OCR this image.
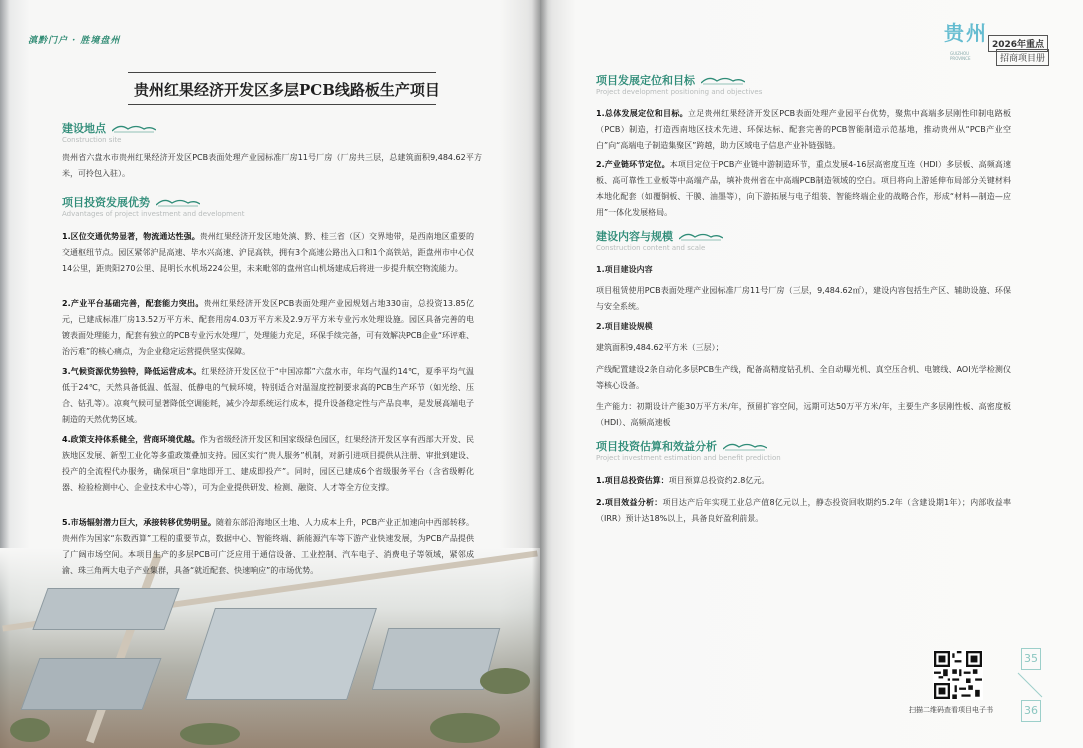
滇黔门户 · 胜境盘州
贵州红果经济开发区多层PCB线路板生产项目
建设地点
Construction site
贵州省六盘水市贵州红果经济开发区PCB表面处理产业园标准厂房11号厂房（厂房共三层，总建筑面积9,484.62平方米，可拎包入驻）。
项目投资发展优势
Advantages of project investment and development
1.区位交通优势显著，物流通达性强。贵州红果经济开发区地处滇、黔、桂三省（区）交界地带，是西南地区重要的交通枢纽节点。园区紧邻沪昆高速、毕水兴高速、沪昆高铁，拥有3个高速公路出入口和1个高铁站，距盘州市中心仅14公里，距贵阳270公里、昆明长水机场224公里，未来毗邻的盘州官山机场建成后将进一步提升航空物流能力。
2.产业平台基础完善，配套能力突出。贵州红果经济开发区PCB表面处理产业园规划占地330亩，总投资13.85亿元，已建成标准厂房13.52万平方米、配套用房4.03万平方米及2.9万平方米专业污水处理设施。园区具备完善的电镀表面处理能力，配套有独立的PCB专业污水处理厂，处理能力充足，环保手续完备，可有效解决PCB企业“环评难、治污难”的核心痛点，为企业稳定运营提供坚实保障。
3.气候资源优势独特，降低运营成本。红果经济开发区位于“中国凉都”六盘水市，年均气温约14℃，夏季平均气温低于24℃，天然具备低温、低湿、低静电的气候环境，特别适合对温湿度控制要求高的PCB生产环节（如光绘、压合、钻孔等）。凉爽气候可显著降低空调能耗，减少冷却系统运行成本，提升设备稳定性与产品良率，是发展高端电子制造的天然优势区域。
4.政策支持体系健全，营商环境优越。作为省级经济开发区和国家级绿色园区，红果经济开发区享有西部大开发、民族地区发展、新型工业化等多重政策叠加支持。园区实行“贵人服务”机制，对新引进项目提供从注册、审批到建设、投产的全流程代办服务，确保项目“拿地即开工、建成即投产”。同时，园区已建成6个省级服务平台（含省级孵化器、检验检测中心、企业技术中心等），可为企业提供研发、检测、融资、人才等全方位支撑。
5.市场辐射潜力巨大，承接转移优势明显。随着东部沿海地区土地、人力成本上升，PCB产业正加速向中西部转移。贵州作为国家“东数西算”工程的重要节点，数据中心、智能终端、新能源汽车等下游产业快速发展，为PCB产品提供了广阔市场空间。本项目生产的多层PCB可广泛应用于通信设备、工业控制、汽车电子、消费电子等领域，紧邻成渝、珠三角两大电子产业集群，具备“就近配套、快速响应”的市场优势。
贵州
GUIZHOU PROVINCE
2026年重点
招商项目册
项目发展定位和目标
Project development positioning and objectives
1.总体发展定位和目标。立足贵州红果经济开发区PCB表面处理产业园平台优势，聚焦中高端多层刚性印制电路板（PCB）制造，打造西南地区技术先进、环保达标、配套完善的PCB智能制造示范基地，推动贵州从“PCB产业空白”向“高端电子制造集聚区”跨越，助力区域电子信息产业补链强链。
2.产业链环节定位。本项目定位于PCB产业链中游制造环节，重点发展4-16层高密度互连（HDI）多层板、高频高速板、高可靠性工业板等中高端产品，填补贵州省在中高端PCB制造领域的空白。项目将向上游延伸布局部分关键材料本地化配套（如覆铜板、干膜、油墨等），向下游拓展与电子组装、智能终端企业的战略合作，形成“材料—制造—应用”一体化发展格局。
建设内容与规模
Construction content and scale
1.项目建设内容
项目租赁使用PCB表面处理产业园标准厂房11号厂房（三层，9,484.62㎡），建设内容包括生产区、辅助设施、环保与安全系统。
2.项目建设规模
建筑面积9,484.62平方米（三层）；
产线配置建设2条自动化多层PCB生产线，配备高精度钻孔机、全自动曝光机、真空压合机、电镀线、AOI光学检测仪等核心设备。
生产能力：初期设计产能30万平方米/年，预留扩容空间，远期可达50万平方米/年，主要生产多层刚性板、高密度板（HDI）、高频高速板
项目投资估算和效益分析
Project investment estimation and benefit prediction
1.项目总投资估算：项目预算总投资约2.8亿元。
2.项目效益分析：项目达产后年实现工业总产值8亿元以上，静态投资回收期约5.2年（含建设期1年）；内部收益率（IRR）预计达18%以上，具备良好盈利前景。
扫描二维码查看项目电子书
35
36
